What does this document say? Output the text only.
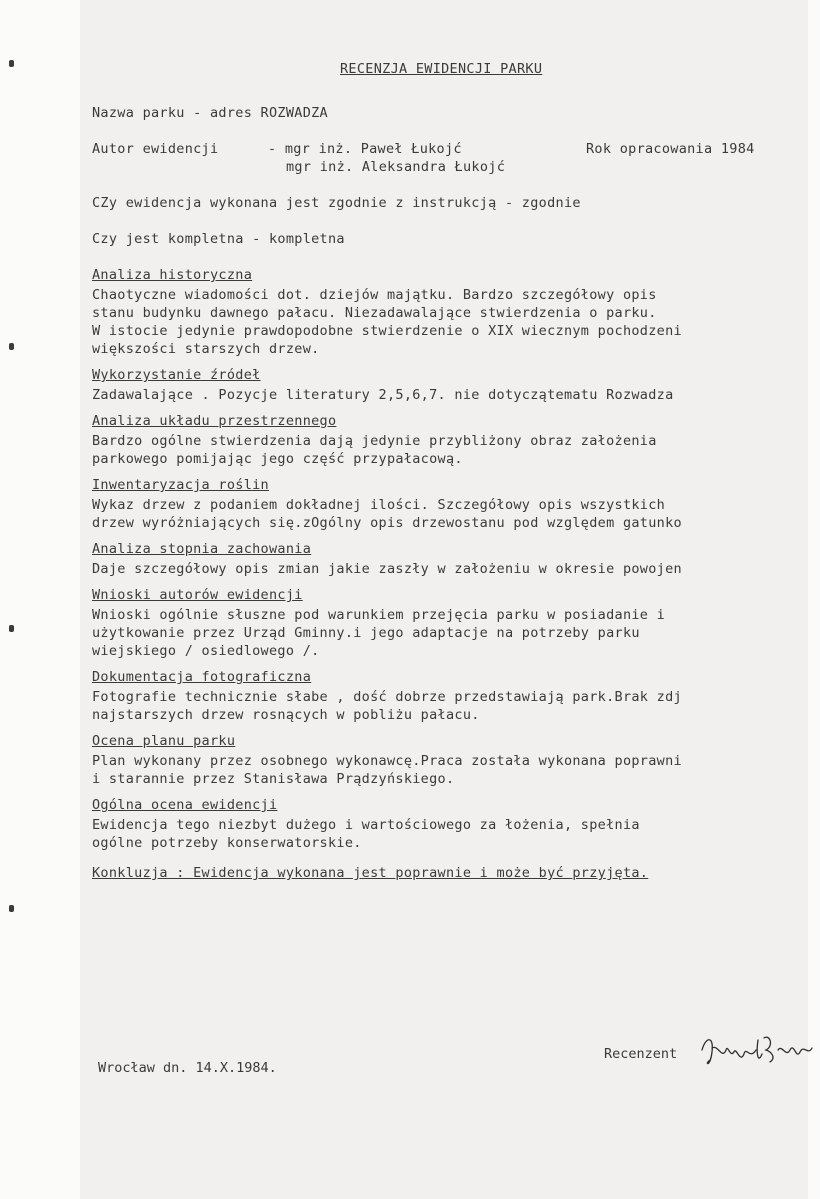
RECENZJA EWIDENCJI PARKU
Nazwa parku - adres ROZWADZA
Autor ewidencji	- mgr inż. Paweł Łukojć	Rok opracowania 1984
mgr inż. Aleksandra Łukojć
CZy ewidencja wykonana jest zgodnie z instrukcją - zgodnie
Czy jest kompletna - kompletna
Analiza historyczna
Chaotyczne wiadomości dot. dziejów majątku. Bardzo szczegółowy opis
stanu budynku dawnego pałacu. Niezadawalające stwierdzenia o parku.
W istocie jedynie prawdopodobne stwierdzenie o XIX wiecznym pochodzeni
większości starszych drzew.
Wykorzystanie źródeł
Zadawalające . Pozycje literatury 2,5,6,7. nie dotyczątematu Rozwadza
Analiza układu przestrzennego
Bardzo ogólne stwierdzenia dają jedynie przybliżony obraz założenia
parkowego pomijając jego część przypałacową.
Inwentaryzacja roślin
Wykaz drzew z podaniem dokładnej ilości. Szczegółowy opis wszystkich
drzew wyróżniających się.zOgólny opis drzewostanu pod względem gatunko
Analiza stopnia zachowania
Daje szczegółowy opis zmian jakie zaszły w założeniu w okresie powojen
Wnioski autorów ewidencji
Wnioski ogólnie słuszne pod warunkiem przejęcia parku w posiadanie i
użytkowanie przez Urząd Gminny.i jego adaptacje na potrzeby parku
wiejskiego / osiedlowego /.
Dokumentacja fotograficzna
Fotografie technicznie słabe , dość dobrze przedstawiają park.Brak zdj
najstarszych drzew rosnących w pobliżu pałacu.
Ocena planu parku
Plan wykonany przez osobnego wykonawcę.Praca została wykonana poprawni
i starannie przez Stanisława Prądzyńskiego.
Ogólna ocena ewidencji
Ewidencja tego niezbyt dużego i wartościowego za łożenia, spełnia
ogólne potrzeby konserwatorskie.
Konkluzja : Ewidencja wykonana jest poprawnie i może być przyjęta.
Wrocław dn. 14.X.1984.
Recenzent
